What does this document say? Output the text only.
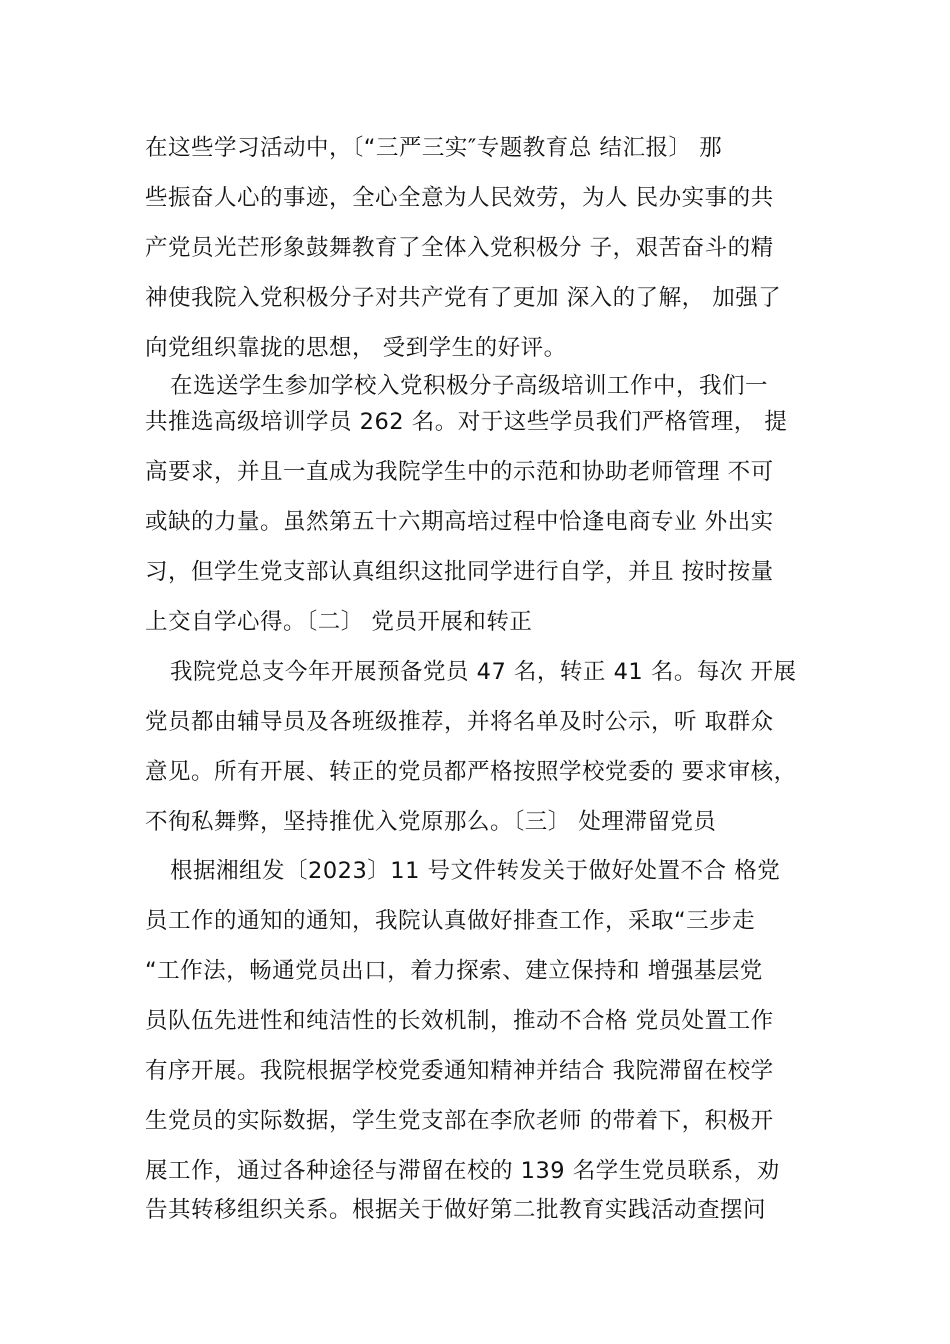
在这些学习活动中，〔“三严三实″专题教育总 结汇报〕 那
些振奋人心的事迹，全心全意为人民效劳，为人 民办实事的共
产党员光芒形象鼓舞教育了全体入党积极分 子，艰苦奋斗的精
神使我院入党积极分子对共产党有了更加 深入的了解， 加强了
向党组织靠拢的思想， 受到学生的好评。
在选送学生参加学校入党积极分子高级培训工作中，我们一
共推选高级培训学员 262 名。对于这些学员我们严格管理， 提
高要求，并且一直成为我院学生中的示范和协助老师管理 不可
或缺的力量。虽然第五十六期高培过程中恰逢电商专业 外出实
习，但学生党支部认真组织这批同学进行自学，并且 按时按量
上交自学心得。〔二〕 党员开展和转正
我院党总支今年开展预备党员 47 名，转正 41 名。每次 开展
党员都由辅导员及各班级推荐，并将名单及时公示，听 取群众
意见。所有开展、转正的党员都严格按照学校党委的 要求审核，
不徇私舞弊，坚持推优入党原那么。〔三〕 处理滞留党员
根据湘组发〔2023〕11 号文件转发关于做好处置不合 格党
员工作的通知的通知，我院认真做好排查工作，采取“三步走
“工作法，畅通党员出口，着力探索、建立保持和 增强基层党
员队伍先进性和纯洁性的长效机制，推动不合格 党员处置工作
有序开展。我院根据学校党委通知精神并结合 我院滞留在校学
生党员的实际数据，学生党支部在李欣老师 的带着下，积极开
展工作，通过各种途径与滞留在校的 139 名学生党员联系，劝
告其转移组织关系。根据关于做好第二批教育实践活动查摆问
